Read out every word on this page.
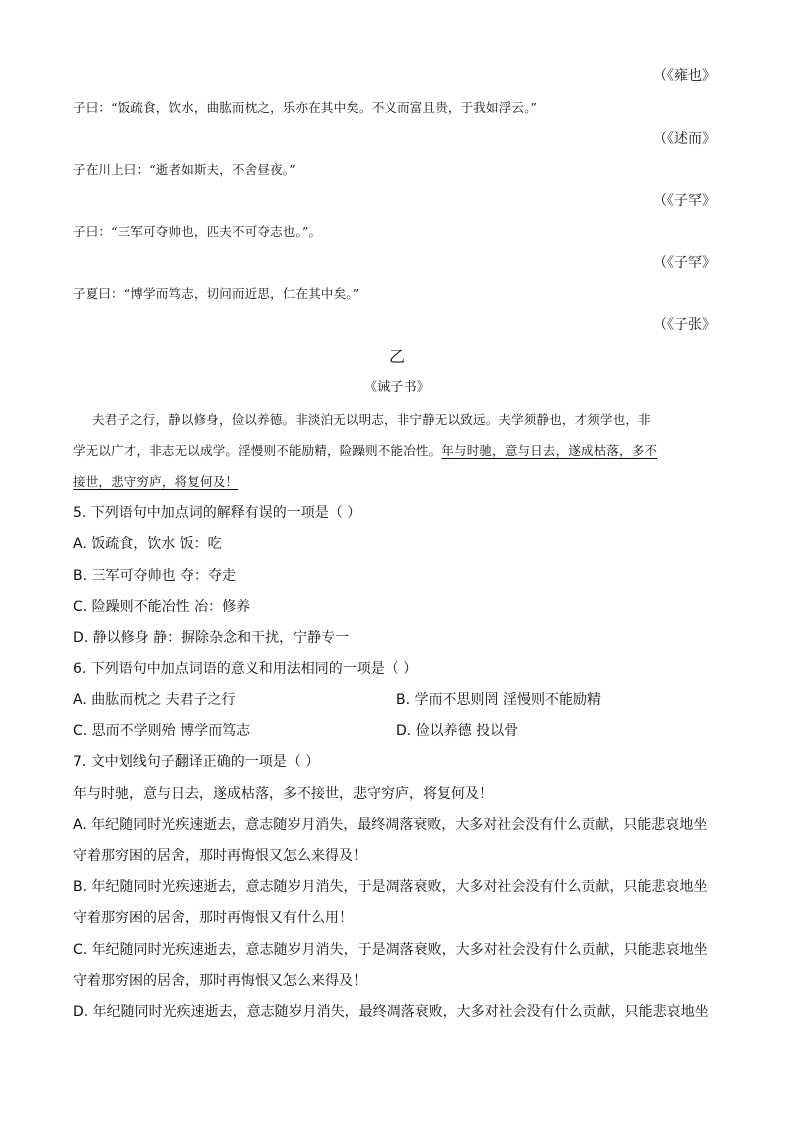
（《雍也》
子曰：“饭疏食，饮水，曲肱而枕之，乐亦在其中矣。不义而富且贵，于我如浮云。”
（《述而》
子在川上曰：“逝者如斯夫，不舍昼夜。”
（《子罕》
子曰：“三军可夺帅也，匹夫不可夺志也。”。
（《子罕》
子夏曰：“博学而笃志，切问而近思，仁在其中矣。”
（《子张》
乙
《诫子书》
夫君子之行，静以修身，俭以养德。非淡泊无以明志，非宁静无以致远。夫学须静也，才须学也，非
学无以广才，非志无以成学。淫慢则不能励精，险躁则不能冶性。年与时驰，意与日去，遂成枯落，多不
接世，悲守穷庐，将复何及！
5. 下列语句中加点词的解释有误的一项是（ ）
A. 饭疏食，饮水 饭：吃
B. 三军可夺帅也 夺：夺走
C. 险躁则不能冶性 冶：修养
D. 静以修身 静：摒除杂念和干扰，宁静专一
6. 下列语句中加点词语的意义和用法相同的一项是（ ）
A. 曲肱而枕之 夫君子之行	B. 学而不思则罔 淫慢则不能励精
C. 思而不学则殆 博学而笃志	D. 俭以养德 投以骨
7. 文中划线句子翻译正确的一项是（ ）
年与时驰，意与日去，遂成枯落，多不接世，悲守穷庐，将复何及！
A. 年纪随同时光疾速逝去，意志随岁月消失，最终凋落衰败，大多对社会没有什么贡献，只能悲哀地坐
守着那穷困的居舍，那时再悔恨又怎么来得及！
B. 年纪随同时光疾速逝去，意志随岁月消失，于是凋落衰败，大多对社会没有什么贡献，只能悲哀地坐
守着那穷困的居舍，那时再悔恨又有什么用！
C. 年纪随同时光疾速逝去，意志随岁月消失，于是凋落衰败，大多对社会没有什么贡献，只能悲哀地坐
守着那穷困的居舍，那时再悔恨又怎么来得及！
D. 年纪随同时光疾速逝去，意志随岁月消失，最终凋落衰败，大多对社会没有什么贡献，只能悲哀地坐
